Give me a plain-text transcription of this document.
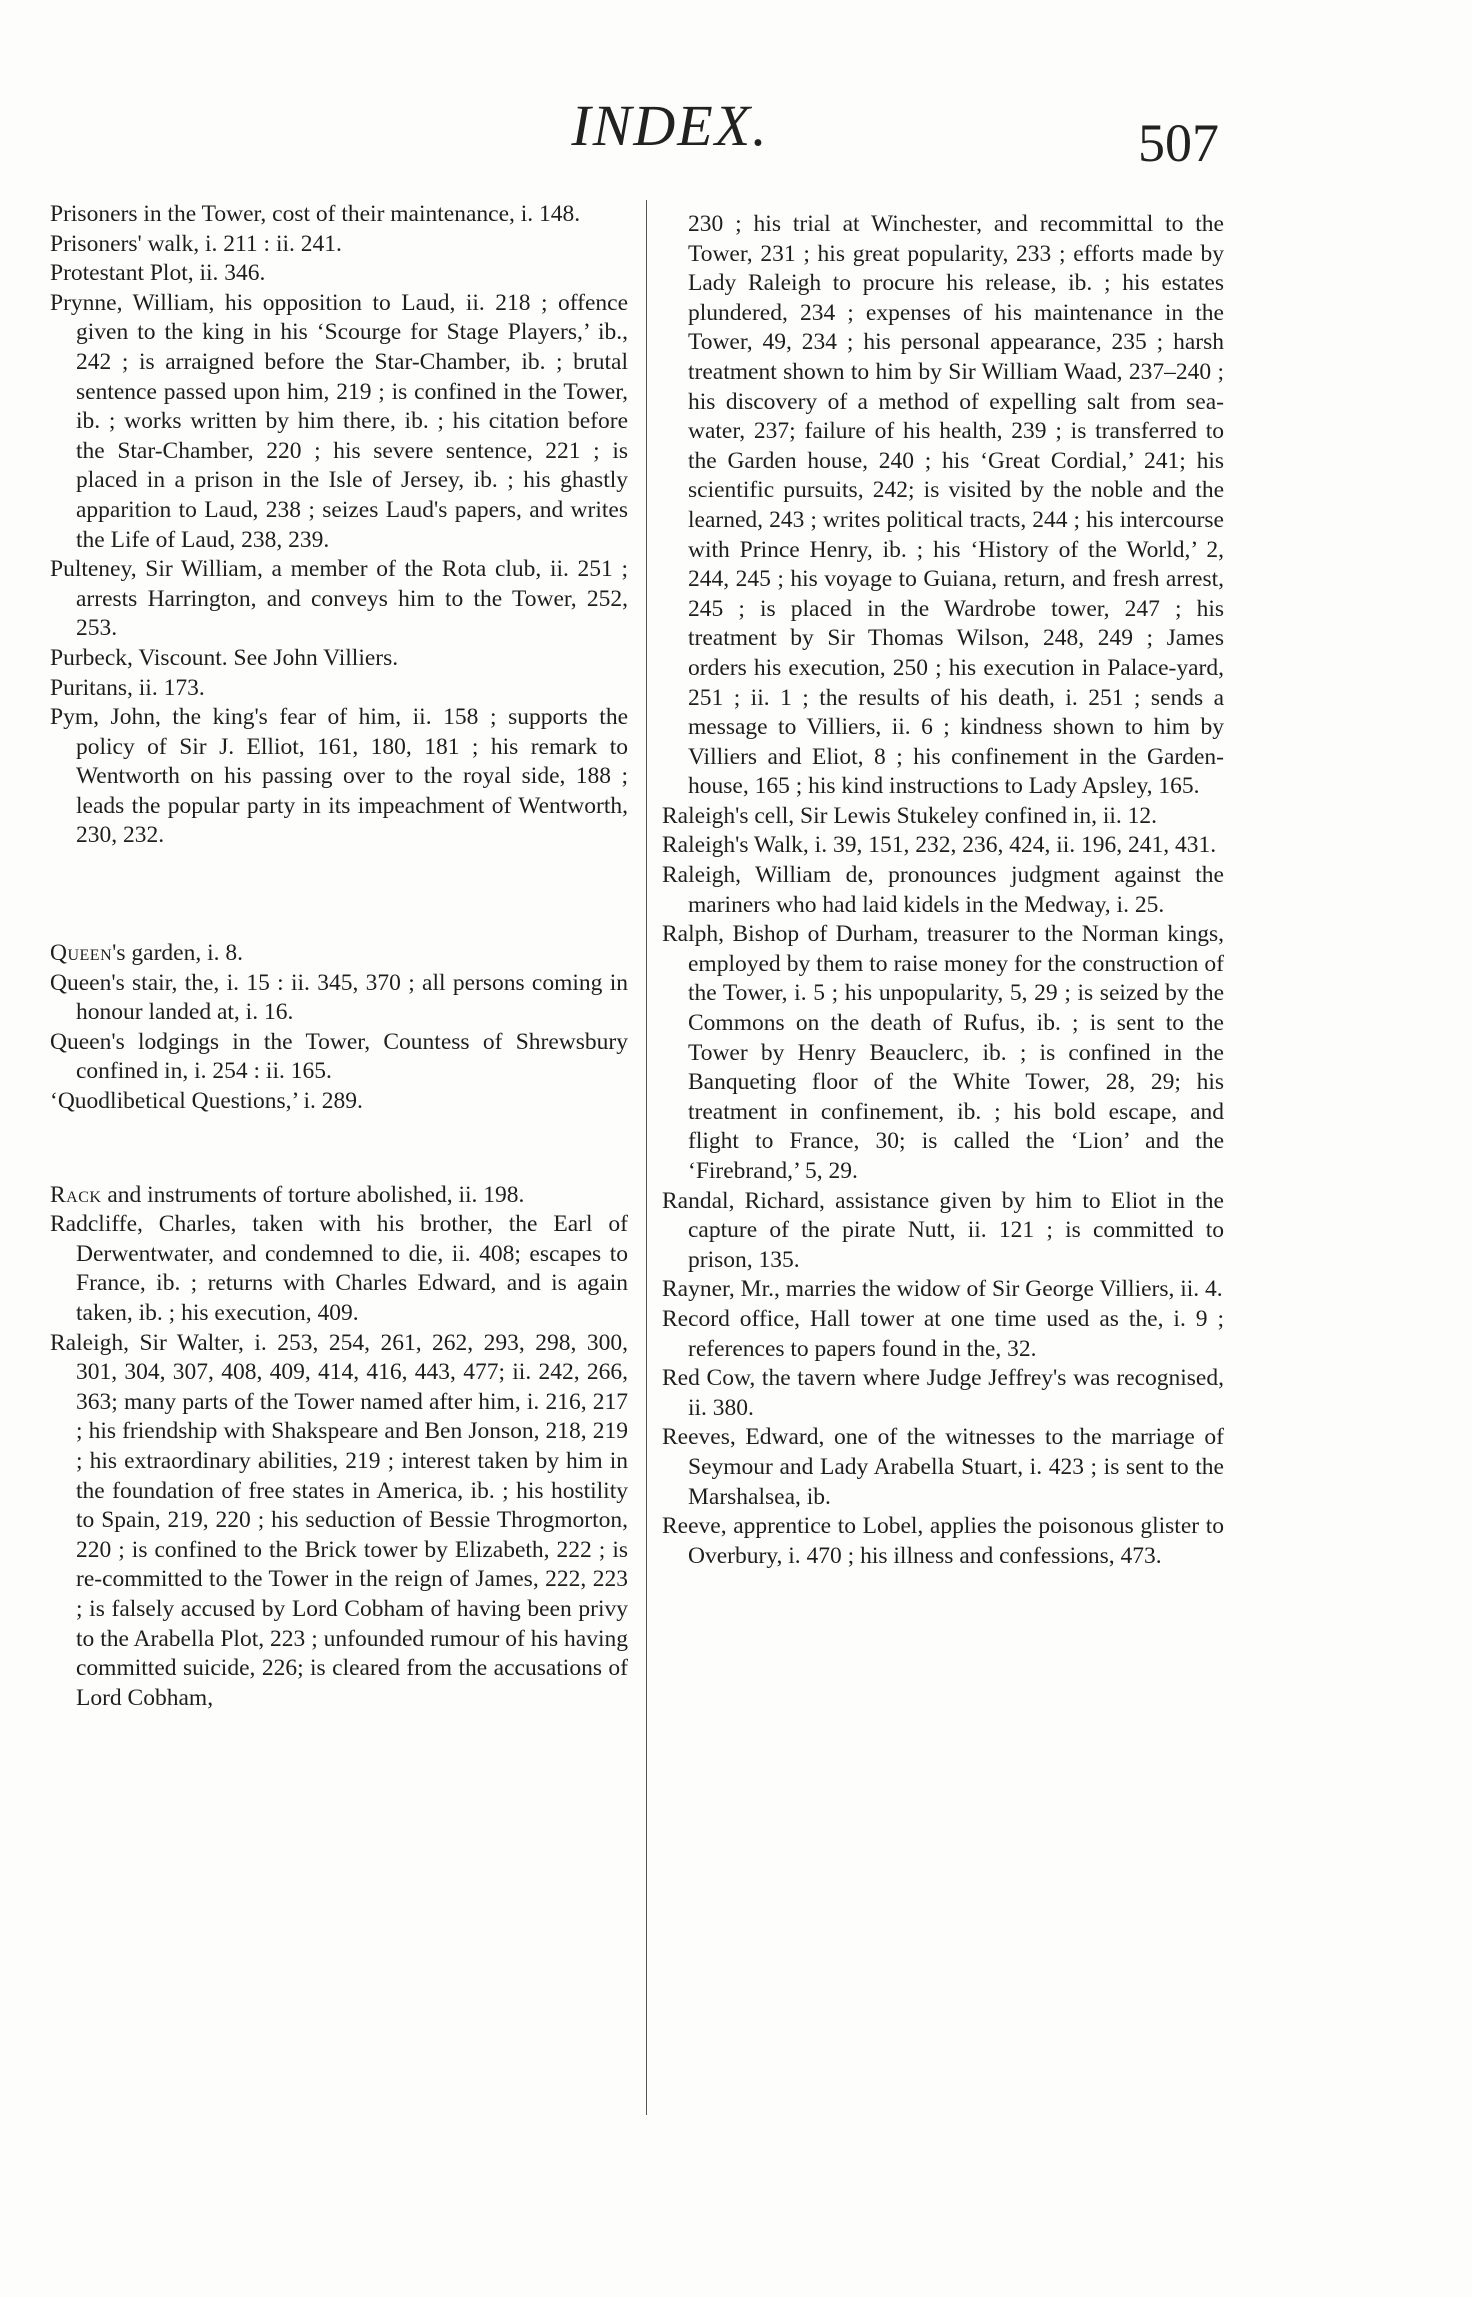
INDEX.	507

Prisoners in the Tower, cost of their maintenance, i. 148.

Prisoners' walk, i. 211 : ii. 241.

Protestant Plot, ii. 346.

Prynne, William, his opposition to Laud, ii. 218 ; offence given to the king in his ‘Scourge for Stage Players,’ ib., 242 ; is arraigned before the Star-Chamber, ib. ; brutal sentence passed upon him, 219 ; is confined in the Tower, ib. ; works written by him there, ib. ; his citation before the Star-Chamber, 220 ; his severe sentence, 221 ; is placed in a prison in the Isle of Jersey, ib. ; his ghastly apparition to Laud, 238 ; seizes Laud's papers, and writes the Life of Laud, 238, 239.

Pulteney, Sir William, a member of the Rota club, ii. 251 ; arrests Harrington, and conveys him to the Tower, 252, 253.

Purbeck, Viscount. See John Villiers.

Puritans, ii. 173.

Pym, John, the king's fear of him, ii. 158 ; supports the policy of Sir J. Elliot, 161, 180, 181 ; his remark to Wentworth on his passing over to the royal side, 188 ; leads the popular party in its impeachment of Wentworth, 230, 232.

Queen's garden, i. 8.

Queen's stair, the, i. 15 : ii. 345, 370 ; all persons coming in honour landed at, i. 16.

Queen's lodgings in the Tower, Countess of Shrewsbury confined in, i. 254 : ii. 165.

‘Quodlibetical Questions,’ i. 289.

Rack and instruments of torture abolished, ii. 198.

Radcliffe, Charles, taken with his brother, the Earl of Derwentwater, and condemned to die, ii. 408; escapes to France, ib. ; returns with Charles Edward, and is again taken, ib. ; his execution, 409.

Raleigh, Sir Walter, i. 253, 254, 261, 262, 293, 298, 300, 301, 304, 307, 408, 409, 414, 416, 443, 477; ii. 242, 266, 363; many parts of the Tower named after him, i. 216, 217 ; his friendship with Shakspeare and Ben Jonson, 218, 219 ; his extraordinary abilities, 219 ; interest taken by him in the foundation of free states in America, ib. ; his hostility to Spain, 219, 220 ; his seduction of Bessie Throgmorton, 220 ; is confined to the Brick tower by Elizabeth, 222 ; is re-committed to the Tower in the reign of James, 222, 223 ; is falsely accused by Lord Cobham of having been privy to the Arabella Plot, 223 ; unfounded rumour of his having committed suicide, 226; is cleared from the accusations of Lord Cobham,

230 ; his trial at Winchester, and recommittal to the Tower, 231 ; his great popularity, 233 ; efforts made by Lady Raleigh to procure his release, ib. ; his estates plundered, 234 ; expenses of his maintenance in the Tower, 49, 234 ; his personal appearance, 235 ; harsh treatment shown to him by Sir William Waad, 237–240 ; his discovery of a method of expelling salt from sea-water, 237; failure of his health, 239 ; is transferred to the Garden house, 240 ; his ‘Great Cordial,’ 241; his scientific pursuits, 242; is visited by the noble and the learned, 243 ; writes political tracts, 244 ; his intercourse with Prince Henry, ib. ; his ‘History of the World,’ 2, 244, 245 ; his voyage to Guiana, return, and fresh arrest, 245 ; is placed in the Wardrobe tower, 247 ; his treatment by Sir Thomas Wilson, 248, 249 ; James orders his execution, 250 ; his execution in Palace-yard, 251 ; ii. 1 ; the results of his death, i. 251 ; sends a message to Villiers, ii. 6 ; kindness shown to him by Villiers and Eliot, 8 ; his confinement in the Garden-house, 165 ; his kind instructions to Lady Apsley, 165.

Raleigh's cell, Sir Lewis Stukeley confined in, ii. 12.

Raleigh's Walk, i. 39, 151, 232, 236, 424, ii. 196, 241, 431.

Raleigh, William de, pronounces judgment against the mariners who had laid kidels in the Medway, i. 25.

Ralph, Bishop of Durham, treasurer to the Norman kings, employed by them to raise money for the construction of the Tower, i. 5 ; his unpopularity, 5, 29 ; is seized by the Commons on the death of Rufus, ib. ; is sent to the Tower by Henry Beauclerc, ib. ; is confined in the Banqueting floor of the White Tower, 28, 29; his treatment in confinement, ib. ; his bold escape, and flight to France, 30; is called the ‘Lion’ and the ‘Firebrand,’ 5, 29.

Randal, Richard, assistance given by him to Eliot in the capture of the pirate Nutt, ii. 121 ; is committed to prison, 135.

Rayner, Mr., marries the widow of Sir George Villiers, ii. 4.

Record office, Hall tower at one time used as the, i. 9 ; references to papers found in the, 32.

Red Cow, the tavern where Judge Jeffrey's was recognised, ii. 380.

Reeves, Edward, one of the witnesses to the marriage of Seymour and Lady Arabella Stuart, i. 423 ; is sent to the Marshalsea, ib.

Reeve, apprentice to Lobel, applies the poisonous glister to Overbury, i. 470 ; his illness and confessions, 473.
